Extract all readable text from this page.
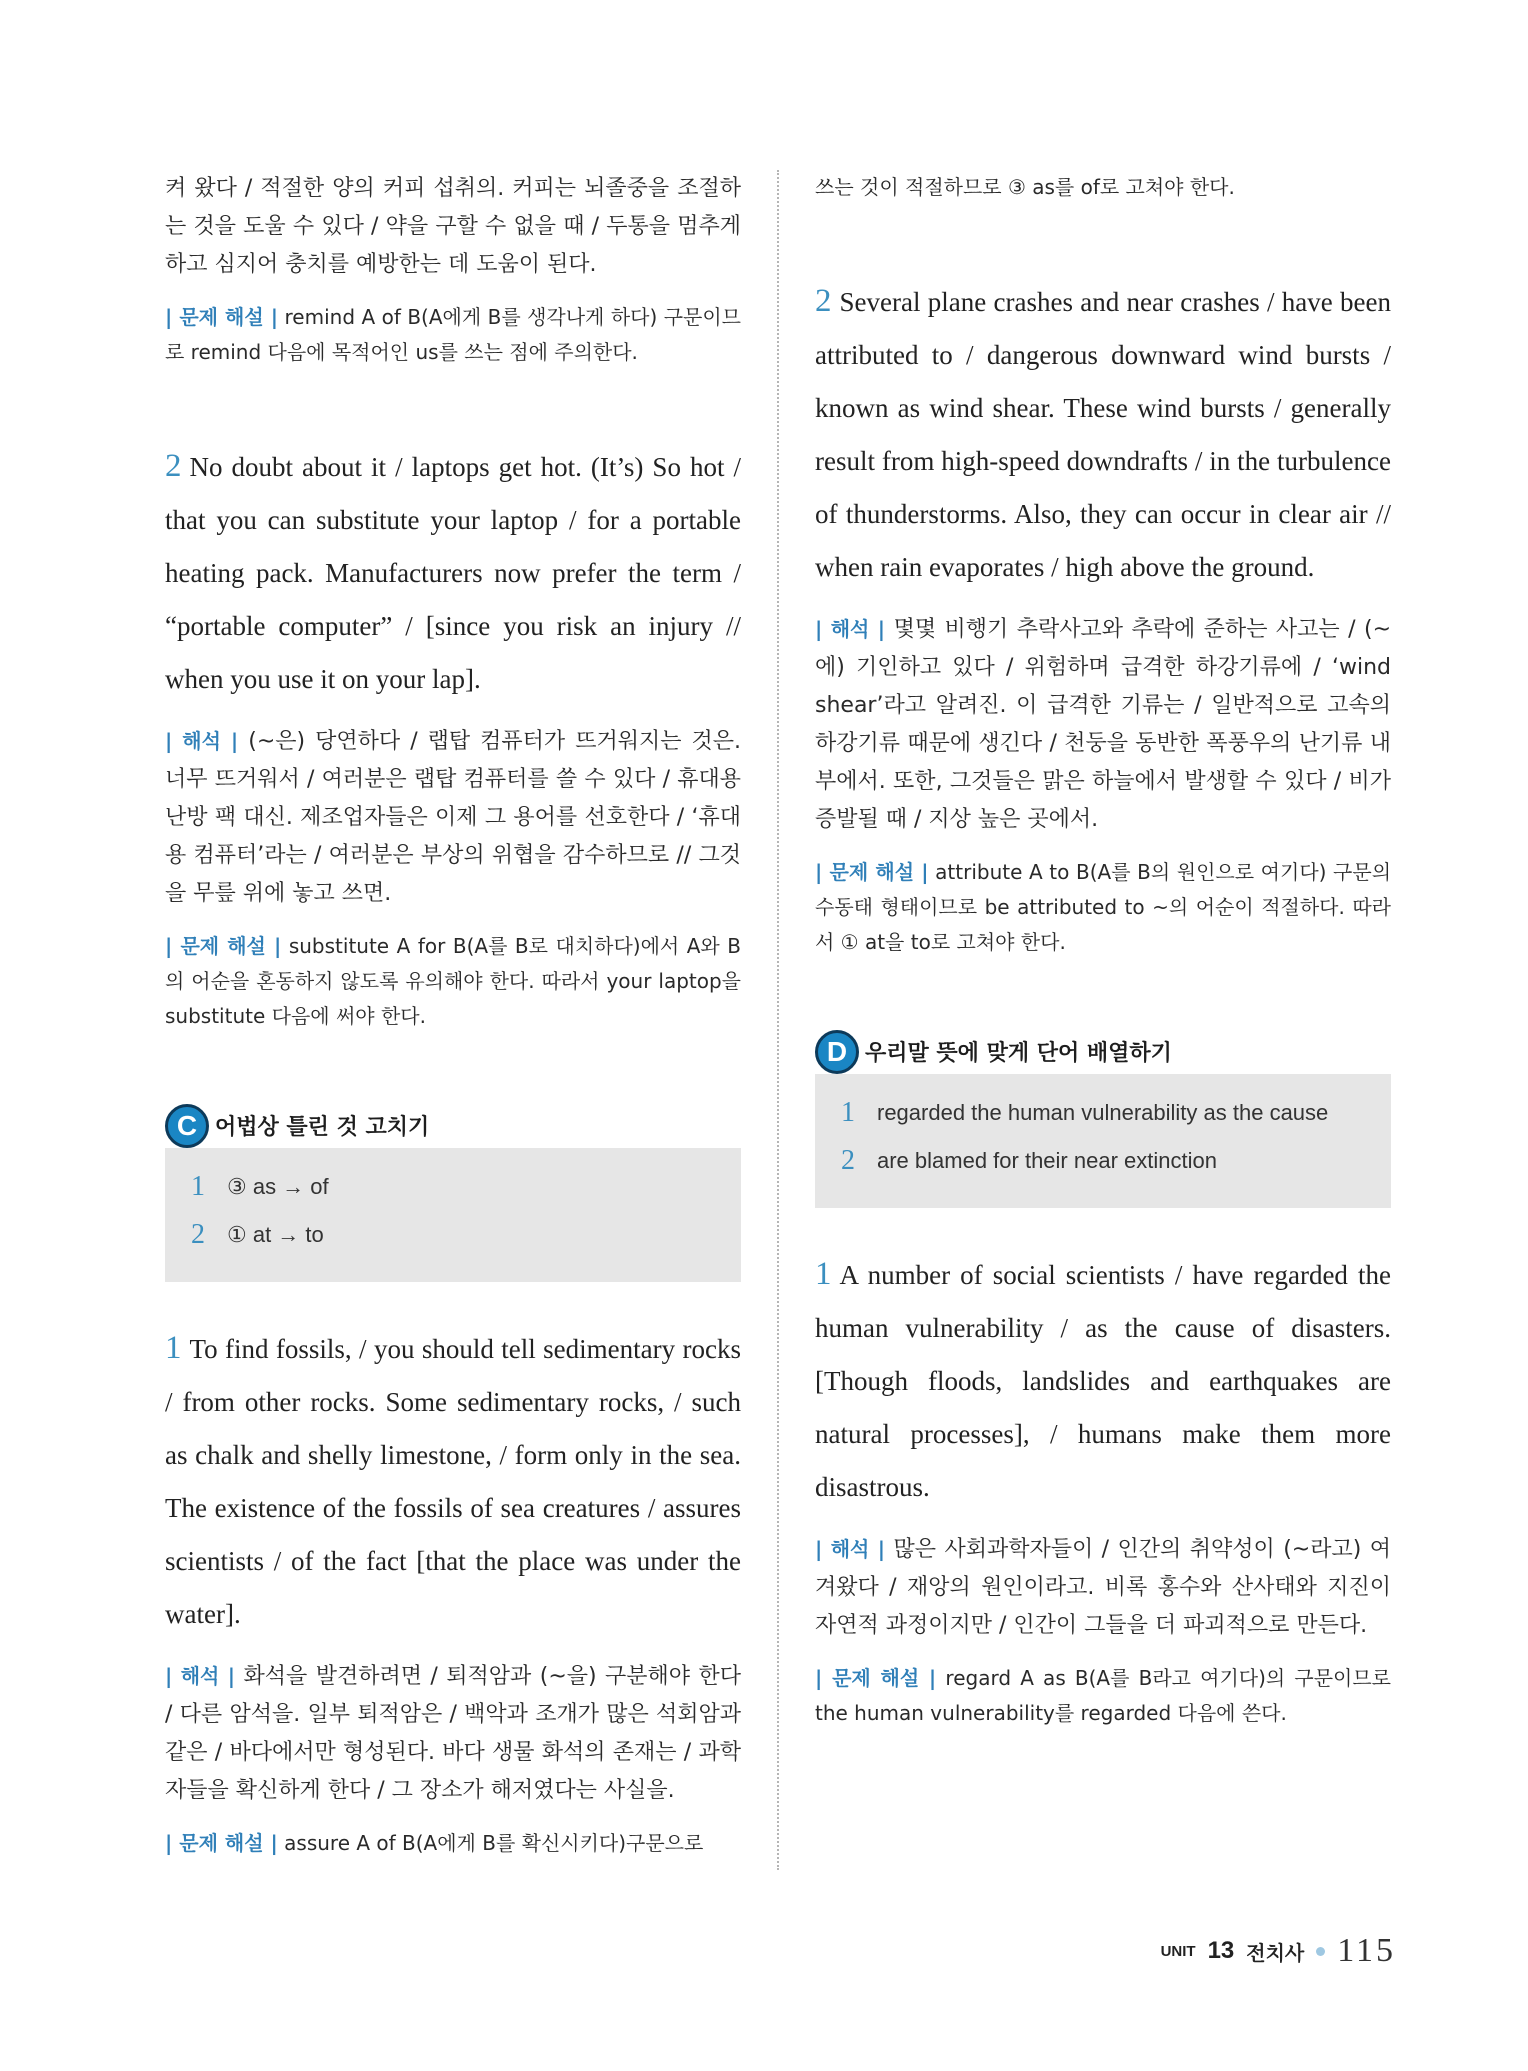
켜 왔다 / 적절한 양의 커피 섭취의. 커피는 뇌졸중을 조절하는 것을 도울 수 있다 / 약을 구할 수 없을 때 / 두통을 멈추게 하고 심지어 충치를 예방한는 데 도움이 된다.

| 문제 해설 | remind A of B(A에게 B를 생각나게 하다) 구문이므로 remind 다음에 목적어인 us를 쓰는 점에 주의한다.

2 No doubt about it / laptops get hot. (It’s) So hot / that you can substitute your laptop / for a portable heating pack. Manufacturers now prefer the term / “portable computer” / [since you risk an injury // when you use it on your lap].

| 해석 | (~은) 당연하다 / 랩탑 컴퓨터가 뜨거워지는 것은. 너무 뜨거워서 / 여러분은 랩탑 컴퓨터를 쓸 수 있다 / 휴대용 난방 팩 대신. 제조업자들은 이제 그 용어를 선호한다 / ‘휴대용 컴퓨터’라는 / 여러분은 부상의 위협을 감수하므로 // 그것을 무릎 위에 놓고 쓰면.

| 문제 해설 | substitute A for B(A를 B로 대치하다)에서 A와 B의 어순을 혼동하지 않도록 유의해야 한다. 따라서 your laptop을 substitute 다음에 써야 한다.

C 어법상 틀린 것 고치기
1	③ as → of
2	① at → to

1 To find fossils, / you should tell sedimentary rocks / from other rocks. Some sedimentary rocks, / such as chalk and shelly limestone, / form only in the sea. The existence of the fossils of sea creatures / assures scientists / of the fact [that the place was under the water].

| 해석 | 화석을 발견하려면 / 퇴적암과 (~을) 구분해야 한다 / 다른 암석을. 일부 퇴적암은 / 백악과 조개가 많은 석회암과 같은 / 바다에서만 형성된다. 바다 생물 화석의 존재는 / 과학자들을 확신하게 한다 / 그 장소가 해저였다는 사실을.

| 문제 해설 | assure A of B(A에게 B를 확신시키다)구문으로

쓰는 것이 적절하므로 ③ as를 of로 고쳐야 한다.

2 Several plane crashes and near crashes / have been attributed to / dangerous downward wind bursts / known as wind shear. These wind bursts / generally result from high-speed downdrafts / in the turbulence of thunderstorms. Also, they can occur in clear air // when rain evaporates / high above the ground.

| 해석 | 몇몇 비행기 추락사고와 추락에 준하는 사고는 / (~에) 기인하고 있다 / 위험하며 급격한 하강기류에 / ‘wind shear’라고 알려진. 이 급격한 기류는 / 일반적으로 고속의 하강기류 때문에 생긴다 / 천둥을 동반한 폭풍우의 난기류 내부에서. 또한, 그것들은 맑은 하늘에서 발생할 수 있다 / 비가 증발될 때 / 지상 높은 곳에서.

| 문제 해설 | attribute A to B(A를 B의 원인으로 여기다) 구문의 수동태 형태이므로 be attributed to ~의 어순이 적절하다. 따라서 ① at을 to로 고쳐야 한다.

D 우리말 뜻에 맞게 단어 배열하기
1	regarded the human vulnerability as the cause
2	are blamed for their near extinction

1 A number of social scientists / have regarded the human vulnerability / as the cause of disasters. [Though floods, landslides and earthquakes are natural processes], / humans make them more disastrous.

| 해석 | 많은 사회과학자들이 / 인간의 취약성이 (~라고) 여겨왔다 / 재앙의 원인이라고. 비록 홍수와 산사태와 지진이 자연적 과정이지만 / 인간이 그들을 더 파괴적으로 만든다.

| 문제 해설 | regard A as B(A를 B라고 여기다)의 구문이므로 the human vulnerability를 regarded 다음에 쓴다.

UNIT 13 전치사 115
